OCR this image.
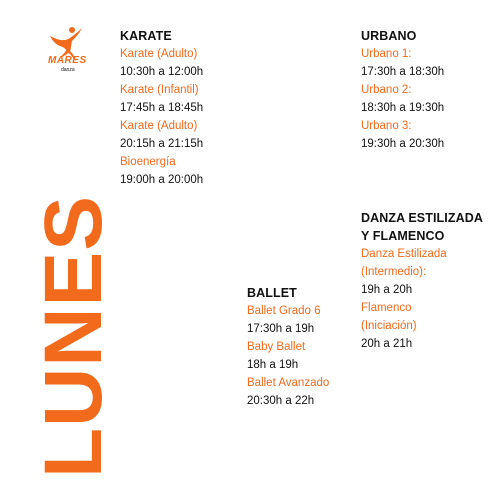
MARES
danza
KARATE
Karate (Adulto)
10:30h a 12:00h
Karate (Infantil)
17:45h a 18:45h
Karate (Adulto)
20:15h a 21:15h
Bioenergía
19:00h a 20:00h
URBANO
Urbano 1:
17:30h a 18:30h
Urbano 2:
18:30h a 19:30h
Urbano 3:
19:30h a 20:30h
DANZA ESTILIZADA
Y FLAMENCO
Danza Estilizada
(Intermedio):
19h a 20h
Flamenco
(Iniciación)
20h a 21h
BALLET
Ballet Grado 6
17:30h a 19h
Baby Ballet
18h a 19h
Ballet Avanzado
20:30h a 22h
LUNES
